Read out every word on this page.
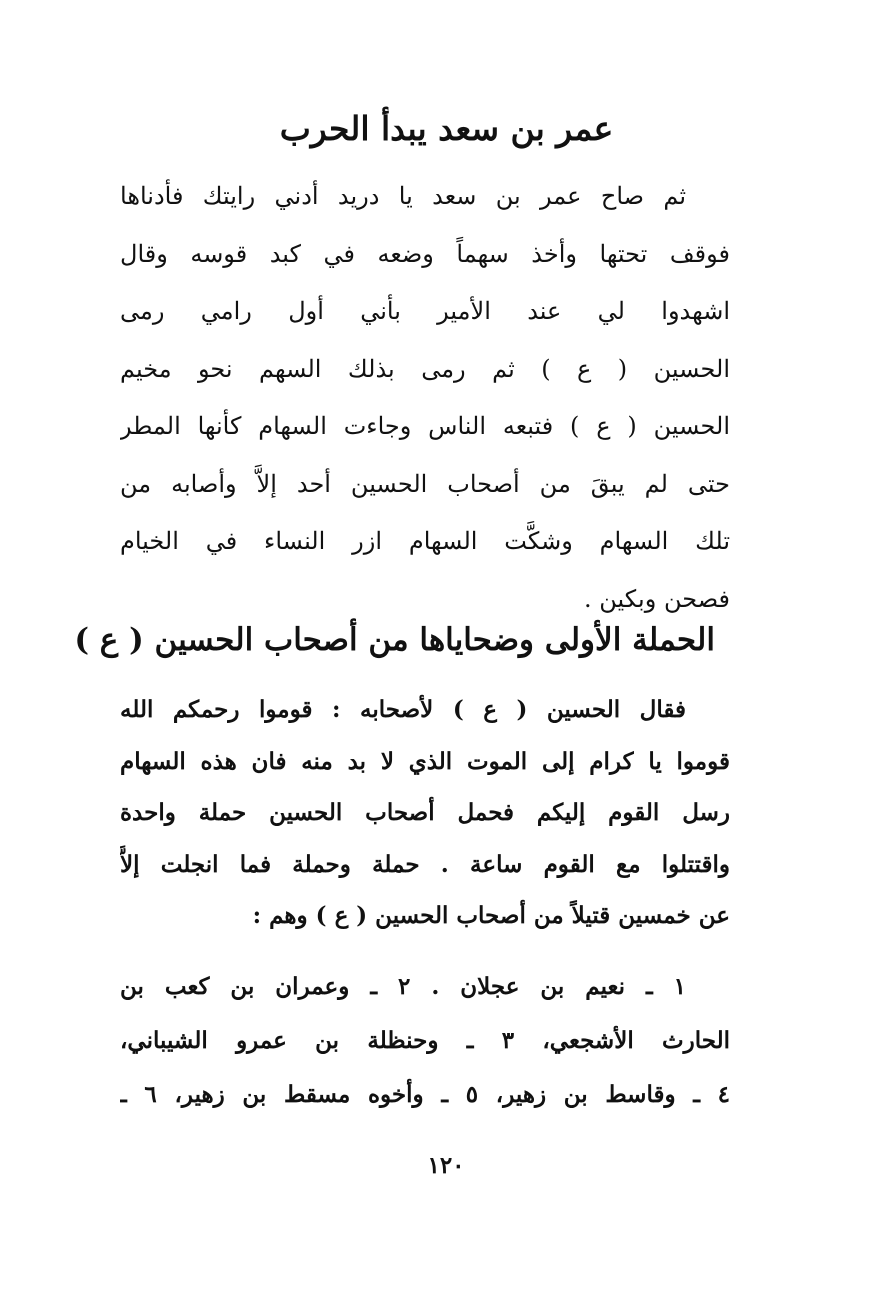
عمر بن سعد يبدأ الحرب
ثم صاح عمر بن سعد يا دريد أدني رايتك فأدناها
فوقف تحتها وأخذ سهماً وضعه في كبد قوسه وقال
اشهدوا لي عند الأمير بأني أول رامي رمى
الحسين ( ع ) ثم رمى بذلك السهم نحو مخيم
الحسين ( ع ) فتبعه الناس وجاءت السهام كأنها المطر
حتى لم يبقَ من أصحاب الحسين أحد إلاَّ وأصابه من
تلك السهام وشكَّت السهام ازر النساء في الخيام
فصحن وبكين .
الحملة الأولى وضحاياها من أصحاب الحسين ( ع )
فقال الحسين ( ع ) لأصحابه : قوموا رحمكم الله
قوموا يا كرام إلى الموت الذي لا بد منه فان هذه السهام
رسل القوم إليكم فحمل أصحاب الحسين حملة واحدة
واقتتلوا مع القوم ساعة . حملة وحملة فما انجلت إلاَّ
عن خمسين قتيلاً من أصحاب الحسين ( ع ) وهم :
١ ـ نعيم بن عجلان . ٢ ـ وعمران بن كعب بن
الحارث الأشجعي، ٣ ـ وحنظلة بن عمرو الشيباني،
٤ ـ وقاسط بن زهير، ٥ ـ وأخوه مسقط بن زهير، ٦ ـ
١٢٠
